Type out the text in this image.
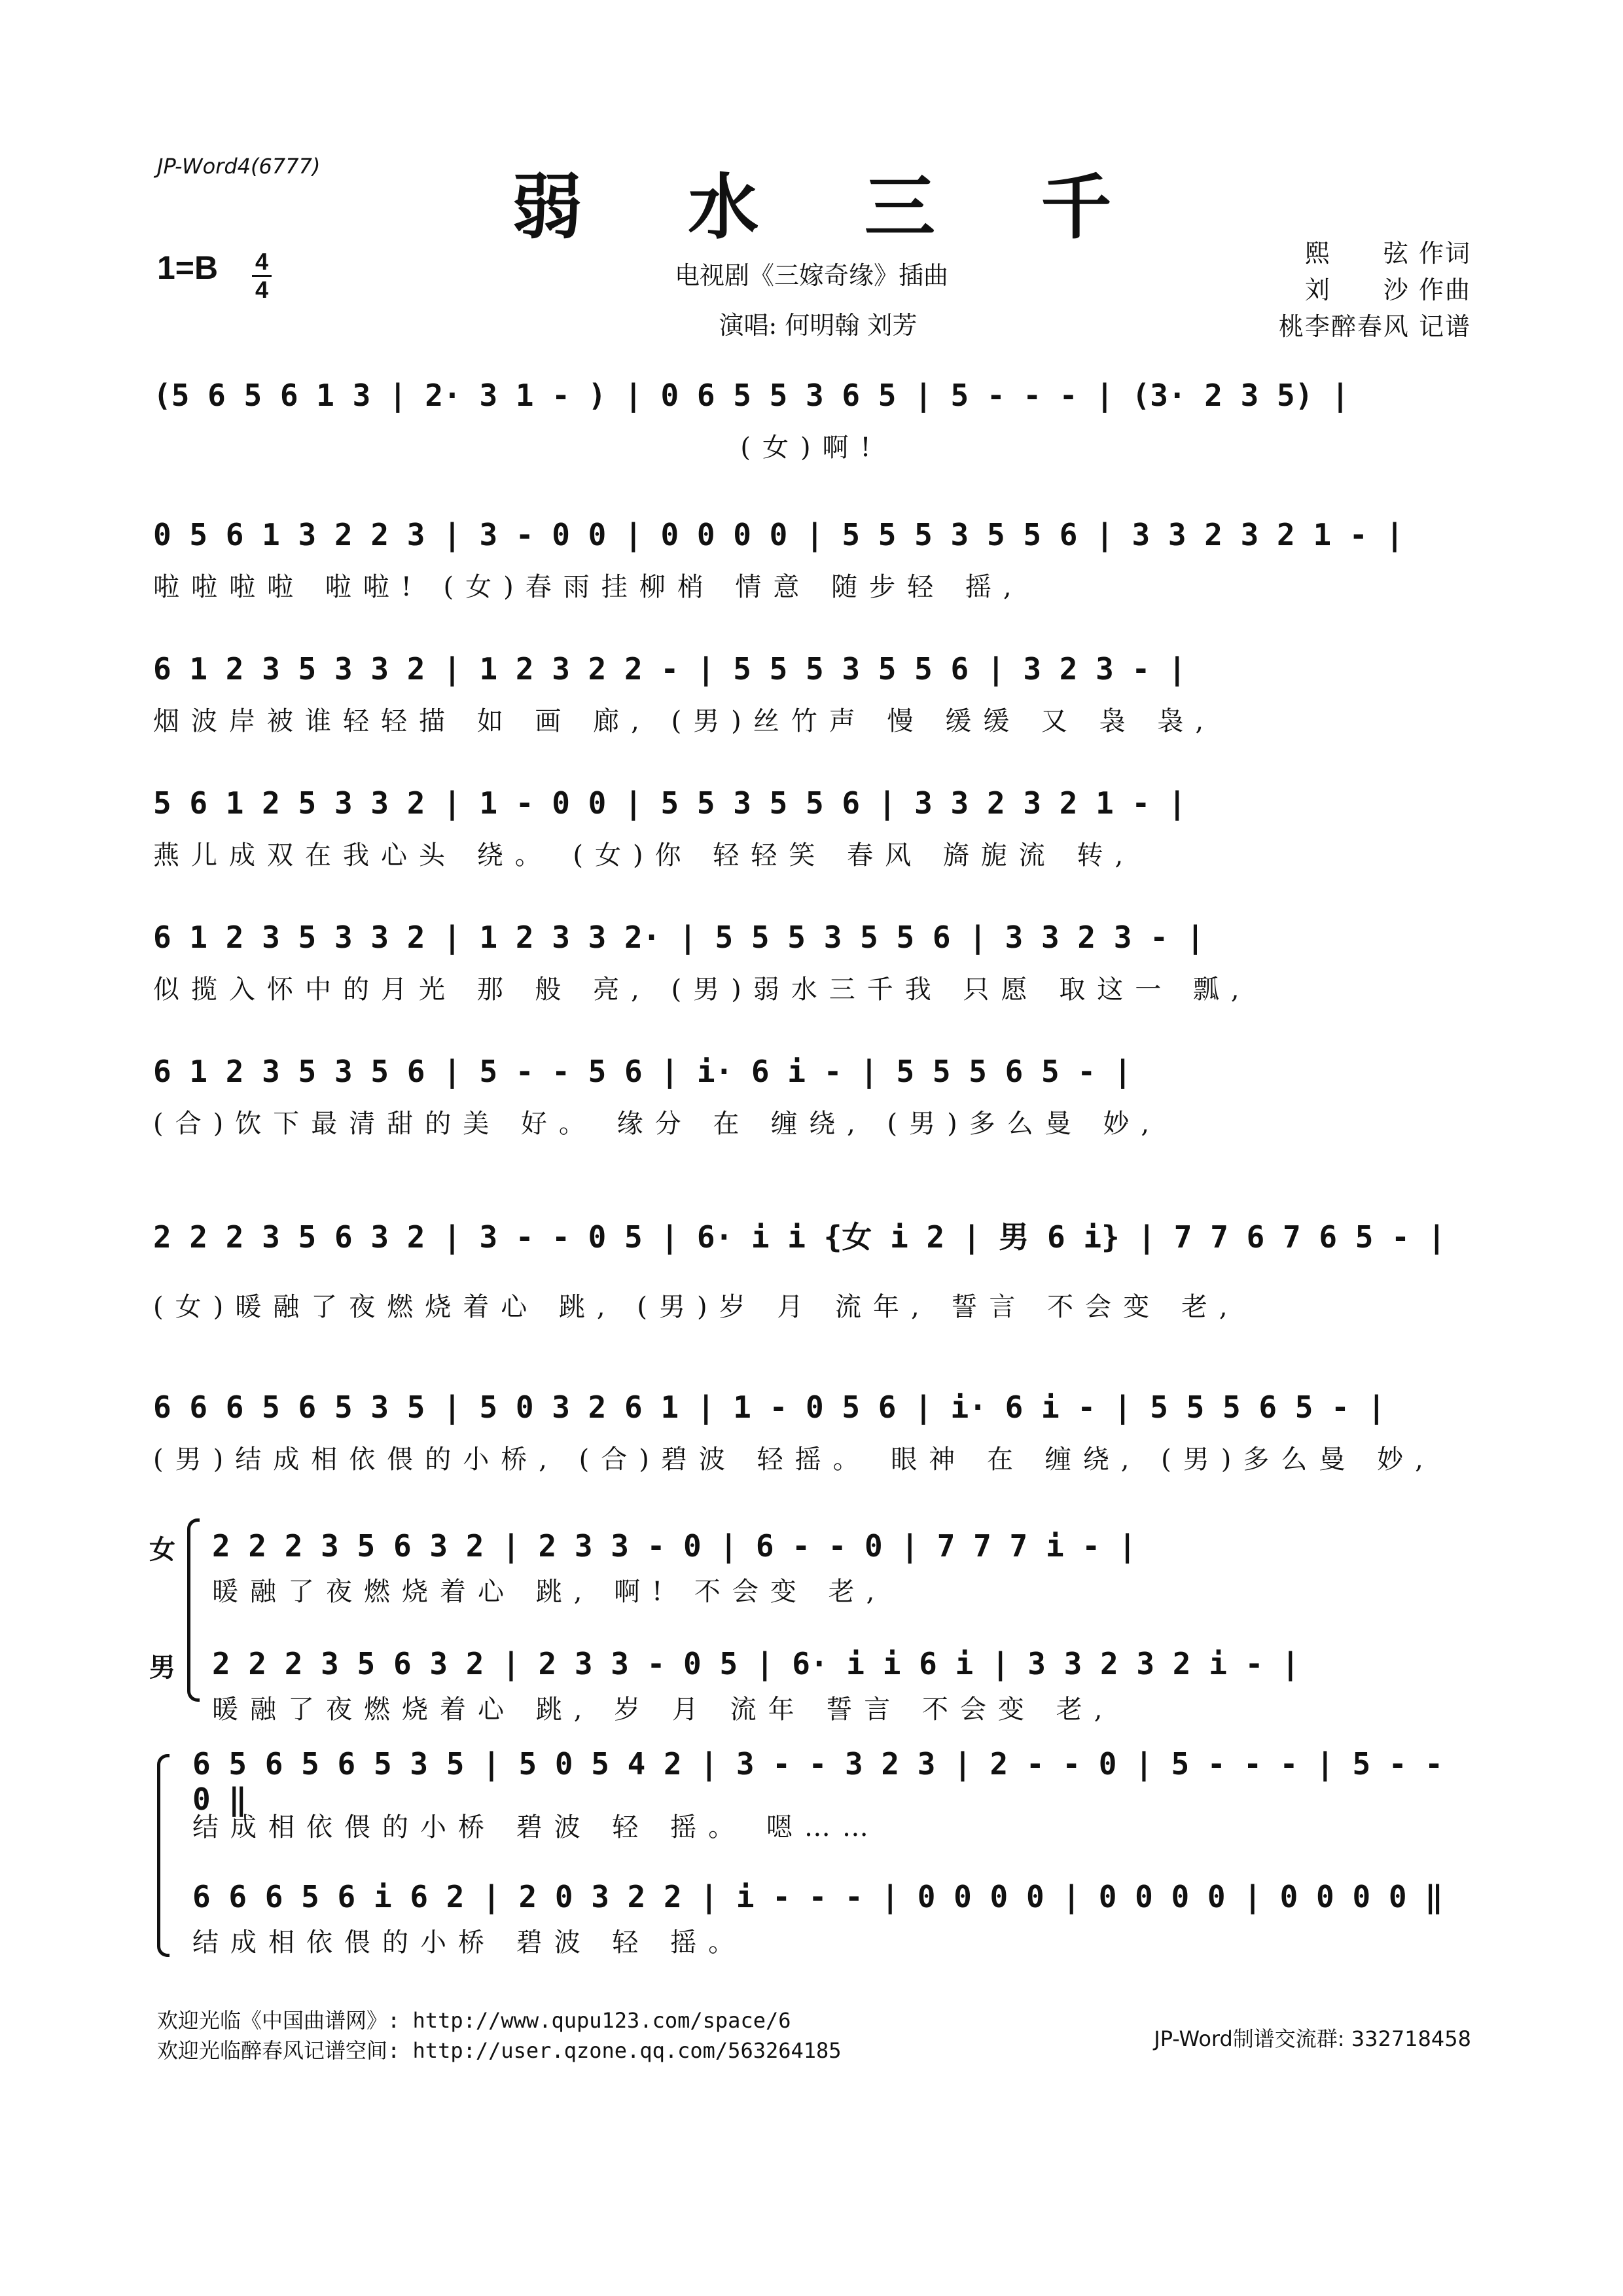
JP-Word4(6777)	弱 水 三 千
1=B 4
4	电视剧《三嫁奇缘》插曲
演唱: 何明翰 刘芳
熙　　弦 作词
刘　　沙 作曲
桃李醉春风 记谱
(5 6 5 6 1 3 | 2· 3 1 - ) | 0 6 5 5 3 6 5 | 5 - - - | (3· 2 3 5) |
(女)啊!
0 5 6 1 3 2 2 3 | 3 - 0 0 | 0 0 0 0 | 5 5 5 3 5 5 6 | 3 3 2 3 2 1 - |
啦啦啦啦 啦啦! (女)春雨挂柳梢 情意 随步轻 摇,
6 1 2 3 5 3 3 2 | 1 2 3 2 2 - | 5 5 5 3 5 5 6 | 3 2 3 - |
烟波岸被谁轻轻描 如 画 廊, (男)丝竹声 慢 缓缓 又 袅 袅,
5 6 1 2 5 3 3 2 | 1 - 0 0 | 5 5 3 5 5 6 | 3 3 2 3 2 1 - |
燕儿成双在我心头 绕。 (女)你 轻轻笑 春风 旖旎流 转,
6 1 2 3 5 3 3 2 | 1 2 3 3 2· | 5 5 5 3 5 5 6 | 3 3 2 3 - |
似揽入怀中的月光 那 般 亮, (男)弱水三千我 只愿 取这一 瓢,
6 1 2 3 5 3 5 6 | 5 - - 5 6 | i· 6 i - | 5 5 5 6 5 - |
(合)饮下最清甜的美 好。 缘分 在 缠绕, (男)多么曼 妙,
2 2 2 3 5 6 3 2 | 3 - - 0 5 | 6· i i {女 i 2 | 男 6 i} | 7 7 6 7 6 5 - |
(女)暖融了夜燃烧着心 跳, (男)岁 月 流年, 誓言 不会变 老,
6 6 6 5 6 5 3 5 | 5 0 3 2 6 1 | 1 - 0 5 6 | i· 6 i - | 5 5 5 6 5 - |
(男)结成相依偎的小桥, (合)碧波 轻摇。 眼神 在 缠绕, (男)多么曼 妙,
女 2 2 2 3 5 6 3 2 | 2 3 3 - 0 | 6 - - 0 | 7 7 7 i - |
暖融了夜燃烧着心 跳, 啊! 不会变 老,
男 2 2 2 3 5 6 3 2 | 2 3 3 - 0 5 | 6· i i 6 i | 3 3 2 3 2 i - |
暖融了夜燃烧着心 跳, 岁 月 流年 誓言 不会变 老,
6 5 6 5 6 5 3 5 | 5 0 5 4 2 | 3 - - 3 2 3 | 2 - - 0 | 5 - - - | 5 - - 0 ‖
结成相依偎的小桥 碧波 轻 摇。 嗯……
6 6 6 5 6 i 6 2 | 2 0 3 2 2 | i - - - | 0 0 0 0 | 0 0 0 0 | 0 0 0 0 ‖
结成相依偎的小桥 碧波 轻 摇。
欢迎光临《中国曲谱网》: http://www.qupu123.com/space/6
欢迎光临醉春风记谱空间: http://user.qzone.qq.com/563264185	JP-Word制谱交流群: 332718458
